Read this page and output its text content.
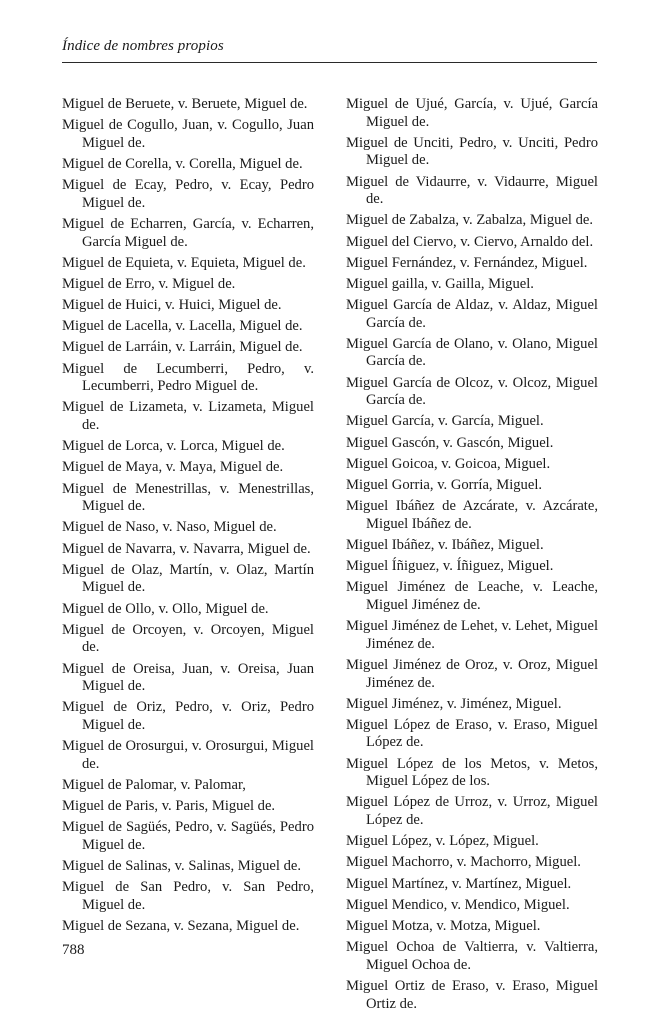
Índice de nombres propios

Miguel de Beruete, v. Beruete, Miguel de.

Miguel de Cogullo, Juan, v. Cogullo, Juan Miguel de.

Miguel de Corella, v. Corella, Miguel de.

Miguel de Ecay, Pedro, v. Ecay, Pedro Miguel de.

Miguel de Echarren, García, v. Echarren, García Miguel de.

Miguel de Equieta, v. Equieta, Miguel de.

Miguel de Erro, v. Miguel de.

Miguel de Huici, v. Huici, Miguel de.

Miguel de Lacella, v. Lacella, Miguel de.

Miguel de Larráin, v. Larráin, Miguel de.

Miguel de Lecumberri, Pedro, v. Lecumberri, Pedro Miguel de.

Miguel de Lizameta, v. Lizameta, Miguel de.

Miguel de Lorca, v. Lorca, Miguel de.

Miguel de Maya, v. Maya, Miguel de.

Miguel de Menestrillas, v. Menestrillas, Miguel de.

Miguel de Naso, v. Naso, Miguel de.

Miguel de Navarra, v. Navarra, Miguel de.

Miguel de Olaz, Martín, v. Olaz, Martín Miguel de.

Miguel de Ollo, v. Ollo, Miguel de.

Miguel de Orcoyen, v. Orcoyen, Miguel de.

Miguel de Oreisa, Juan, v. Oreisa, Juan Miguel de.

Miguel de Oriz, Pedro, v. Oriz, Pedro Miguel de.

Miguel de Orosurgui, v. Orosurgui, Miguel de.

Miguel de Palomar, v. Palomar,

Miguel de Paris, v. Paris, Miguel de.

Miguel de Sagüés, Pedro, v. Sagüés, Pedro Miguel de.

Miguel de Salinas, v. Salinas, Miguel de.

Miguel de San Pedro, v. San Pedro, Miguel de.

Miguel de Sezana, v. Sezana, Miguel de.

Miguel de Ujué, García, v. Ujué, García Miguel de.

Miguel de Unciti, Pedro, v. Unciti, Pedro Miguel de.

Miguel de Vidaurre, v. Vidaurre, Miguel de.

Miguel de Zabalza, v. Zabalza, Miguel de.

Miguel del Ciervo, v. Ciervo, Arnaldo del.

Miguel Fernández, v. Fernández, Miguel.

Miguel gailla, v. Gailla, Miguel.

Miguel García de Aldaz, v. Aldaz, Miguel García de.

Miguel García de Olano, v. Olano, Miguel García de.

Miguel García de Olcoz, v. Olcoz, Miguel García de.

Miguel García, v. García, Miguel.

Miguel Gascón, v. Gascón, Miguel.

Miguel Goicoa, v. Goicoa, Miguel.

Miguel Gorria, v. Gorría, Miguel.

Miguel Ibáñez de Azcárate, v. Azcárate, Miguel Ibáñez de.

Miguel Ibáñez, v. Ibáñez, Miguel.

Miguel Íñiguez, v. Íñiguez, Miguel.

Miguel Jiménez de Leache, v. Leache, Miguel Jiménez de.

Miguel Jiménez de Lehet, v. Lehet, Miguel Jiménez de.

Miguel Jiménez de Oroz, v. Oroz, Miguel Jiménez de.

Miguel Jiménez, v. Jiménez, Miguel.

Miguel López de Eraso, v. Eraso, Miguel López de.

Miguel López de los Metos, v. Metos, Miguel López de los.

Miguel López de Urroz, v. Urroz, Miguel López de.

Miguel López, v. López, Miguel.

Miguel Machorro, v. Machorro, Miguel.

Miguel Martínez, v. Martínez, Miguel.

Miguel Mendico, v. Mendico, Miguel.

Miguel Motza, v. Motza, Miguel.

Miguel Ochoa de Valtierra, v. Valtierra, Miguel Ochoa de.

Miguel Ortiz de Eraso, v. Eraso, Miguel Ortiz de.

788
